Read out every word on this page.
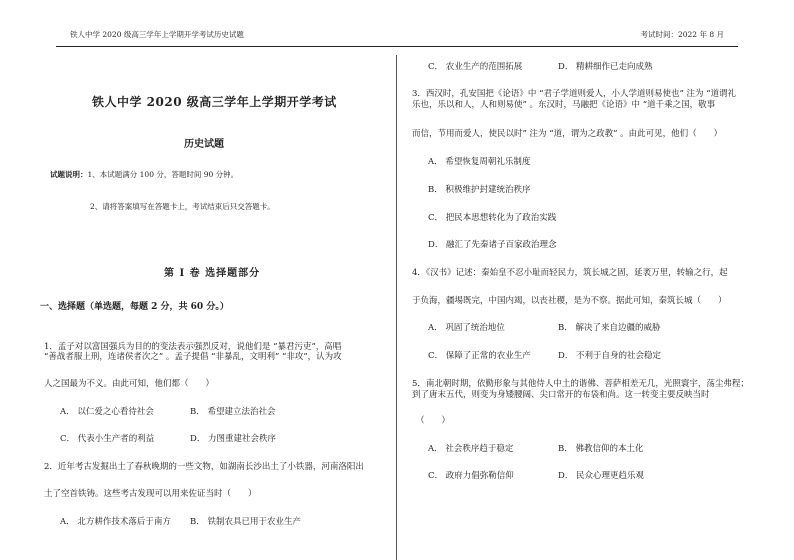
铁人中学 2020 级高三学年上学期开学考试历史试题	考试时间：2022 年 8 月
铁人中学 2020 级高三学年上学期开学考试
历史试题
试题说明：1、本试题满分 100 分，答题时间 90 分钟。
2、请将答案填写在答题卡上，考试结束后只交答题卡。
第 I 卷 选择题部分
一、选择题（单选题，每题 2 分，共 60 分。）
1．孟子对以富国强兵为目的的变法表示强烈反对，说他们是 “暴君污吏”，高唱
“善战者服上刑，连诸侯者次之” 。孟子提倡 “非暴乱，文明利” “非攻”，认为攻
人之国最为不义。由此可知，他们都（　　）
A． 以仁爱之心看待社会	B． 希望建立法治社会
C． 代表小生产者的利益	D． 力图重建社会秩序
2．近年考古发掘出土了春秋晚期的一些文物，如湖南长沙出土了小铁器，河南洛阳出
土了空首铁铸。这些考古发现可以用来佐证当时（　　）
A． 北方耕作技术落后于南方 B． 铁制农具已用于农业生产
C． 农业生产的范围拓展	D． 精耕细作已走向成熟
3．西汉时，孔安国把《论语》中 “君子学道则爱人，小人学道则易使也” 注为 “道谓礼
乐也，乐以和人，人和则易使” 。东汉时，马融把《论语》中 “道千乘之国，敬事
而信，节用而爱人，使民以时” 注为 “道，谓为之政教” 。由此可见，他们（　　）
A． 希望恢复周朝礼乐制度
B． 积极维护封建统治秩序
C． 把民本思想转化为了政治实践
D． 融汇了先秦诸子百家政治理念
4．《汉书》记述：秦始皇不忍小耻而轻民力，筑长城之固，延袤万里，转输之行，起
于负海，疆埸既完，中国内竭，以丧社稷，是为不察。据此可知，秦筑长城（　　）
A． 巩固了统治地位	B． 解决了来自边疆的威胁
C． 保障了正常的农业生产	D． 不利于自身的社会稳定
5．南北朝时期，依勤形象与其他侍人中土的谐佛、菩萨相差无几，光照寰宇，荡尘弗程；
到了唐末五代，则变为身矮腰阔、尖口常开的布袋和尚。这一转变主要反映当时
（　　）
A． 社会秩序趋于稳定	B． 佛教信仰的本土化
C． 政府力倡弥勒信仰	D． 民众心理更趋乐观
